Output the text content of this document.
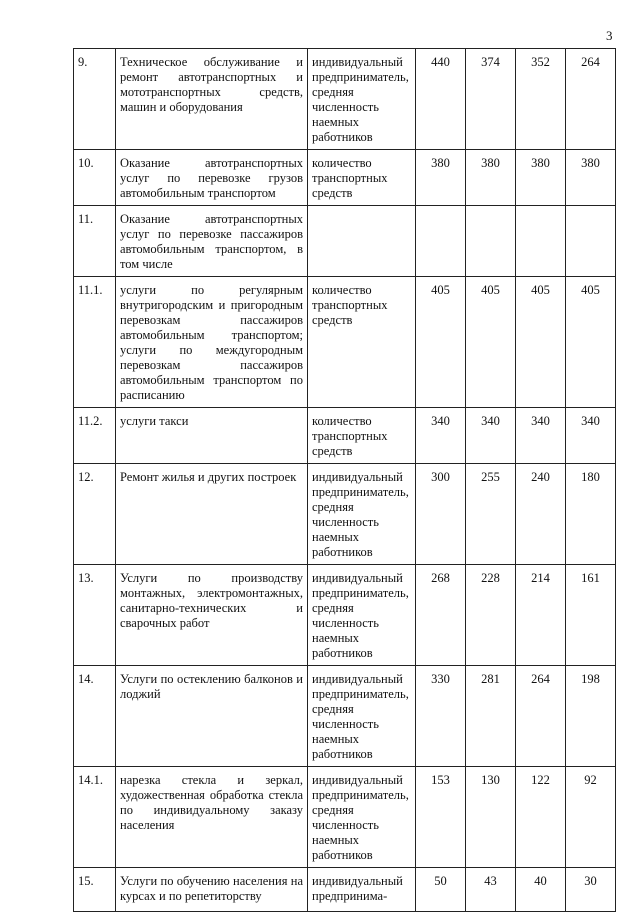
3
9.	Техническое обслуживание и ремонт автотранспортных и мототранспортных средств, машин и оборудования	индивидуальный предприниматель, средняя численность наемных работников	440	374	352	264
10.	Оказание автотранспортных услуг по перевозке грузов автомобильным транспортом	количество транспортных средств	380	380	380	380
11.	Оказание автотранспортных услуг по перевозке пассажиров автомобильным транспортом, в том числе					
11.1.	услуги по регулярным внутригородским и пригородным перевозкам пассажиров автомобильным транспортом; услуги по междугородным перевозкам пассажиров автомобильным транспортом по расписанию	количество транспортных средств	405	405	405	405
11.2.	услуги такси	количество транспортных средств	340	340	340	340
12.	Ремонт жилья и других построек	индивидуальный предприниматель, средняя численность наемных работников	300	255	240	180
13.	Услуги по производству монтажных, электромонтажных, санитарно-технических и сварочных работ	индивидуальный предприниматель, средняя численность наемных работников	268	228	214	161
14.	Услуги по остеклению балконов и лоджий	индивидуальный предприниматель, средняя численность наемных работников	330	281	264	198
14.1.	нарезка стекла и зеркал, художественная обработка стекла по индивидуальному заказу населения	индивидуальный предприниматель, средняя численность наемных работников	153	130	122	92
15.	Услуги по обучению населения на курсах и по репетиторству	индивидуальный предпринима-	50	43	40	30
